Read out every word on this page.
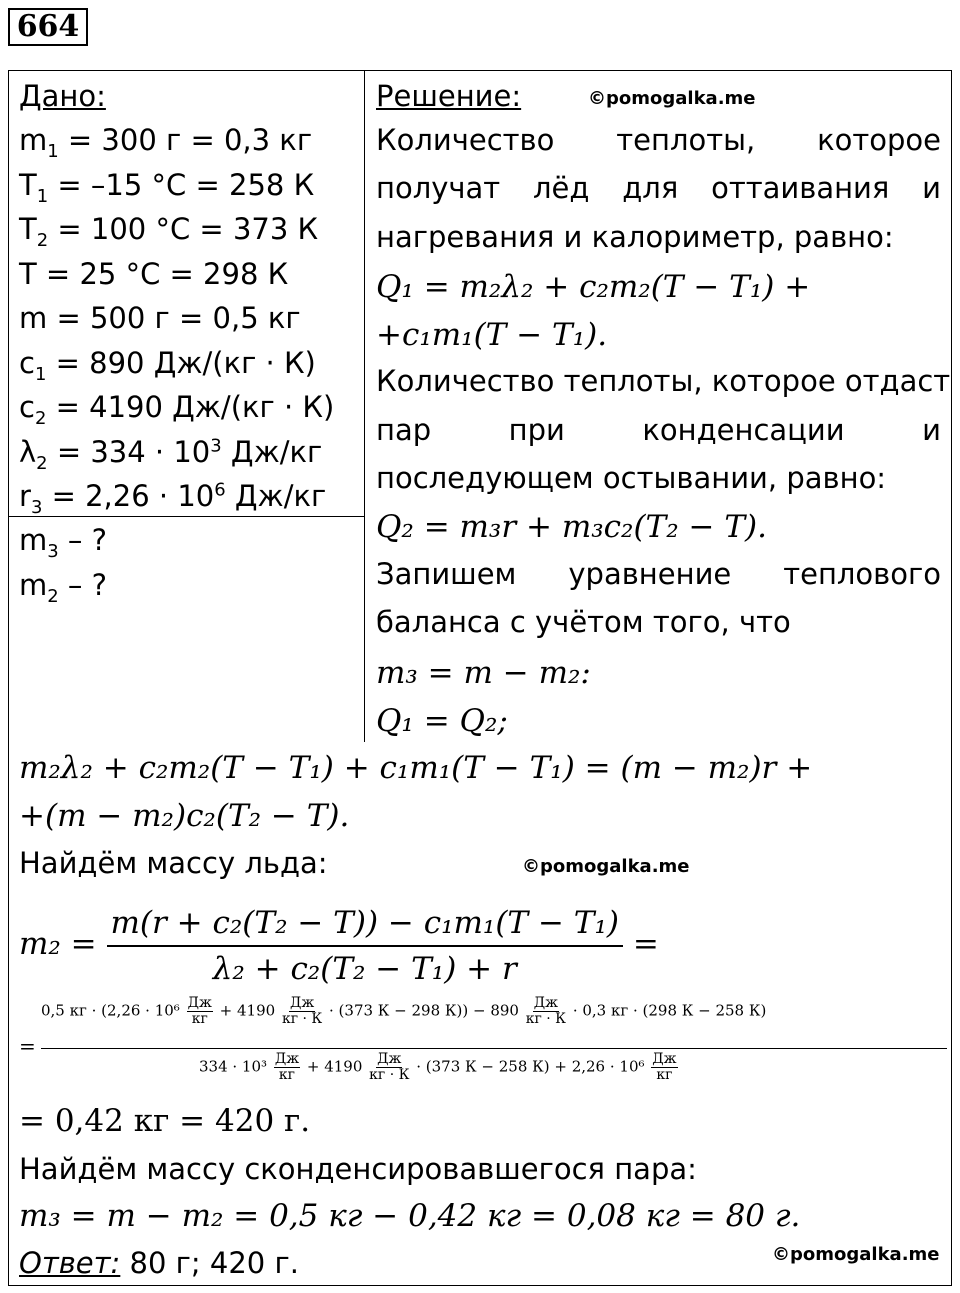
664
Дано:
$m_1 = 300$ г = 0,3 кг
$T_1 = -15$ °C = 258 К
$T_2 = 100$ °C = 373 К
T = 25 °C = 298 К
m = 500 г = 0,5 кг
$c_1 = 890$ Дж/(кг · К)
$c_2 = 4190$ Дж/(кг · К)
$\lambda_2 = 334 \cdot 10^3$ Дж/кг
$r_3 = 2,26 \cdot 10^6$ Дж/кг
$m_3$ – ?
$m_2$ – ?
Решение:	©pomogalka.me
Количество теплоты, которое
получат лёд для оттаивания и
нагревания и калориметр, равно:
Q₁ = m₂λ₂ + c₂m₂(T − T₁) +
+c₁m₁(T − T₁).
Количество теплоты, которое отдаст
пар	при	конденсации	и
последующем остывании, равно:
Q₂ = m₃r + m₃c₂(T₂ − T).
Запишем уравнение теплового
баланса с учётом того, что
m₃ = m − m₂:
Q₁ = Q₂;
m₂λ₂ + c₂m₂(T − T₁) + c₁m₁(T − T₁) = (m − m₂)r +
+(m − m₂)c₂(T₂ − T).
Найдём массу льда:	©pomogalka.me
$m_2 = \frac{\text{m(r + c₂(T₂ − T)) − c₁m₁(T − T₁)}}{\text{λ₂ + c₂(T₂ − T₁) + r}}$ =
=
0,5 кг · (2,26 · 10⁶ Дж
кг + 4190 Дж
кг · К · (373 К − 298 К)) − 890 Дж
кг · К · 0,3 кг · (298 К − 258 К)
334 · 10³ Дж
кг + 4190 Дж
кг · К · (373 К − 258 К) + 2,26 · 10⁶ Дж
кг
= 0,42 кг = 420 г.
Найдём массу сконденсировавшегося пара:
m₃ = m − m₂ = 0,5 кг − 0,42 кг = 0,08 кг = 80 г.
Ответ: 80 г; 420 г.	©pomogalka.me
